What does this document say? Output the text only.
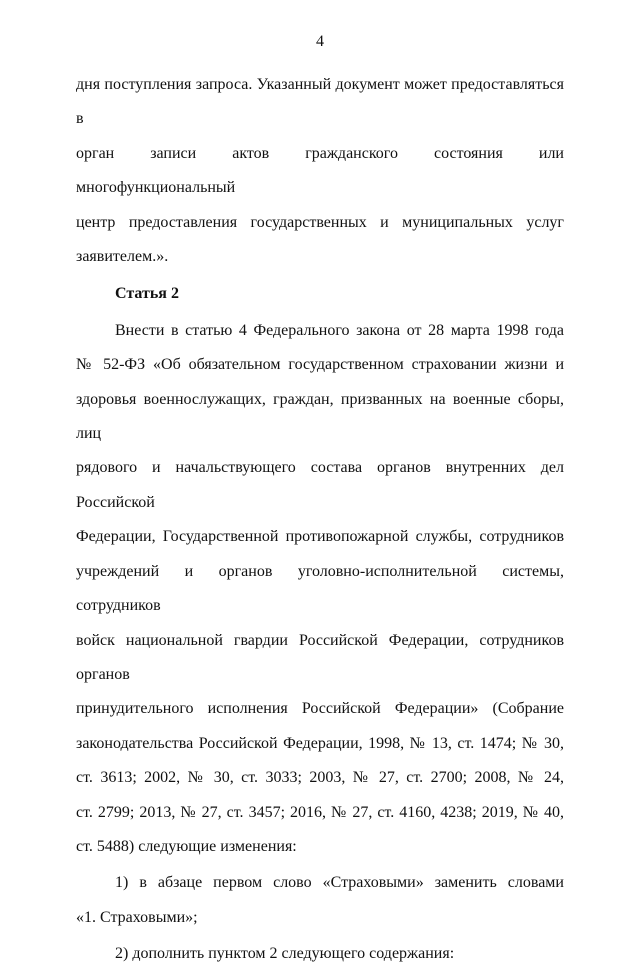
4
дня поступления запроса. Указанный документ может предоставляться в
орган записи актов гражданского состояния или многофункциональный
центр предоставления государственных и муниципальных услуг
заявителем.».
Статья 2
Внести в статью 4 Федерального закона от 28 марта 1998 года
№ 52-ФЗ «Об обязательном государственном страховании жизни и
здоровья военнослужащих, граждан, призванных на военные сборы, лиц
рядового и начальствующего состава органов внутренних дел Российской
Федерации, Государственной противопожарной службы, сотрудников
учреждений и органов уголовно-исполнительной системы, сотрудников
войск национальной гвардии Российской Федерации, сотрудников органов
принудительного исполнения Российской Федерации» (Собрание
законодательства Российской Федерации, 1998, № 13, ст. 1474; № 30,
ст. 3613; 2002, № 30, ст. 3033; 2003, № 27, ст. 2700; 2008, № 24,
ст. 2799; 2013, № 27, ст. 3457; 2016, № 27, ст. 4160, 4238; 2019, № 40,
ст. 5488) следующие изменения:
1) в абзаце первом слово «Страховыми» заменить словами
«1. Страховыми»;
2) дополнить пунктом 2 следующего содержания:
